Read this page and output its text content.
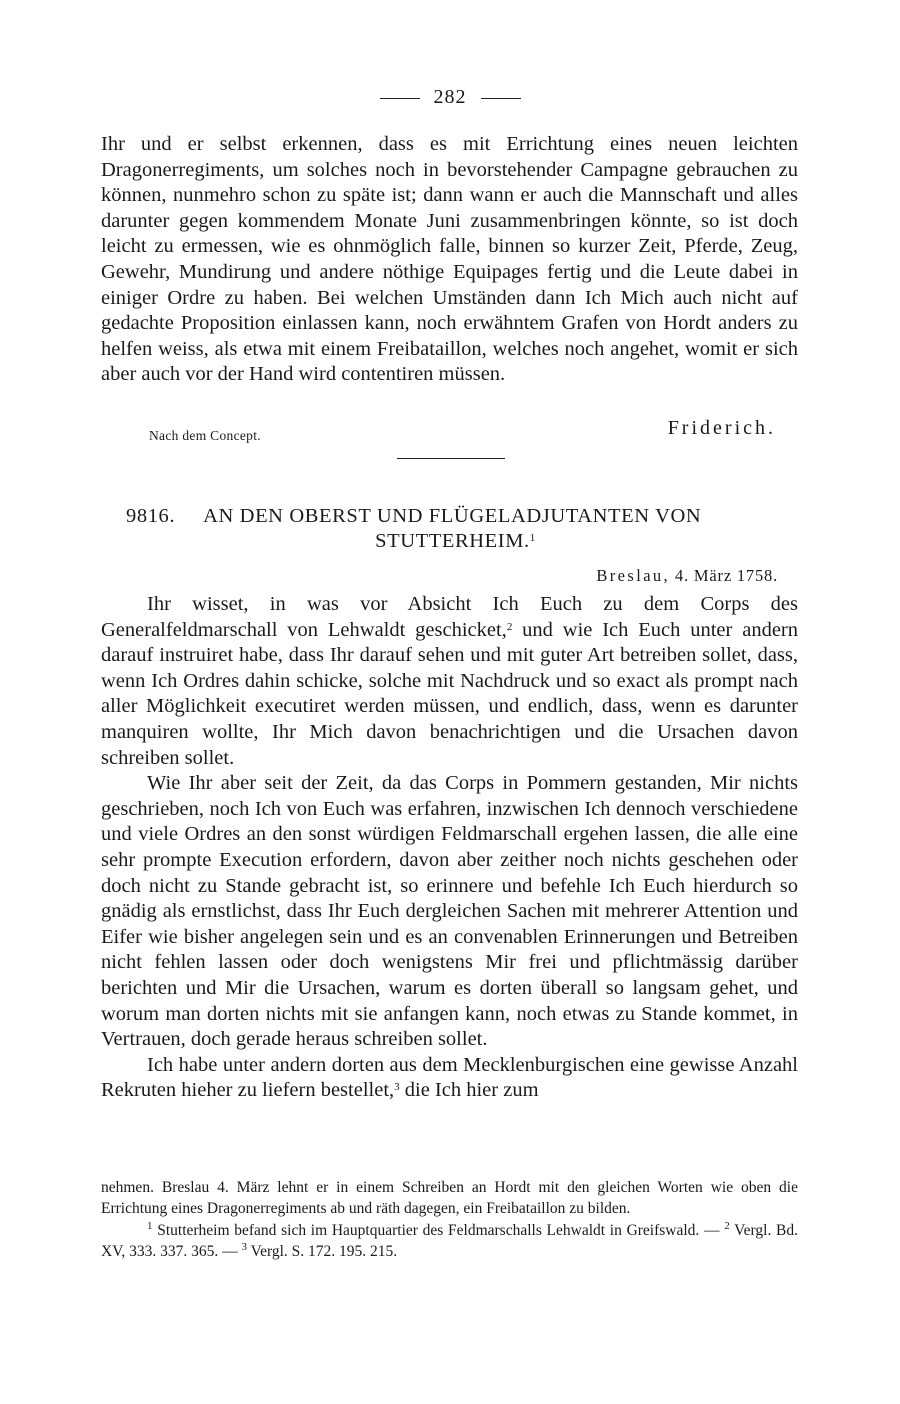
282
Ihr und er selbst erkennen, dass es mit Errichtung eines neuen leichten Dragonerregiments, um solches noch in bevorstehender Campagne gebrauchen zu können, nunmehro schon zu späte ist; dann wann er auch die Mannschaft und alles darunter gegen kommendem Monate Juni zusammenbringen könnte, so ist doch leicht zu ermessen, wie es ohnmöglich falle, binnen so kurzer Zeit, Pferde, Zeug, Gewehr, Mundirung und andere nöthige Equipages fertig und die Leute dabei in einiger Ordre zu haben. Bei welchen Umständen dann Ich Mich auch nicht auf gedachte Proposition einlassen kann, noch erwähntem Grafen von Hordt anders zu helfen weiss, als etwa mit einem Freibataillon, welches noch angehet, womit er sich aber auch vor der Hand wird contentiren müssen.
Nach dem Concept.	Friderich.
9816. AN DEN OBERST UND FLÜGELADJUTANTEN VON
STUTTERHEIM.$^1$
Breslau, 4. März 1758.

Ihr wisset, in was vor Absicht Ich Euch zu dem Corps des Generalfeldmarschall von Lehwaldt geschicket,$^2$ und wie Ich Euch unter andern darauf instruiret habe, dass Ihr darauf sehen und mit guter Art betreiben sollet, dass, wenn Ich Ordres dahin schicke, solche mit Nachdruck und so exact als prompt nach aller Möglichkeit executiret werden müssen, und endlich, dass, wenn es darunter manquiren wollte, Ihr Mich davon benachrichtigen und die Ursachen davon schreiben sollet.

Wie Ihr aber seit der Zeit, da das Corps in Pommern gestanden, Mir nichts geschrieben, noch Ich von Euch was erfahren, inzwischen Ich dennoch verschiedene und viele Ordres an den sonst würdigen Feldmarschall ergehen lassen, die alle eine sehr prompte Execution erfordern, davon aber zeither noch nichts geschehen oder doch nicht zu Stande gebracht ist, so erinnere und befehle Ich Euch hierdurch so gnädig als ernstlichst, dass Ihr Euch dergleichen Sachen mit mehrerer Attention und Eifer wie bisher angelegen sein und es an convenablen Erinnerungen und Betreiben nicht fehlen lassen oder doch wenigstens Mir frei und pflichtmässig darüber berichten und Mir die Ursachen, warum es dorten überall so langsam gehet, und worum man dorten nichts mit sie anfangen kann, noch etwas zu Stande kommet, in Vertrauen, doch gerade heraus schreiben sollet.

Ich habe unter andern dorten aus dem Mecklenburgischen eine gewisse Anzahl Rekruten hieher zu liefern bestellet,$^3$ die Ich hier zum

nehmen. Breslau 4. März lehnt er in einem Schreiben an Hordt mit den gleichen Worten wie oben die Errichtung eines Dragonerregiments ab und räth dagegen, ein Freibataillon zu bilden.

$^1$ Stutterheim befand sich im Hauptquartier des Feldmarschalls Lehwaldt in Greifswald. — $^2$ Vergl. Bd. XV, 333. 337. 365. — $^3$ Vergl. S. 172. 195. 215.
